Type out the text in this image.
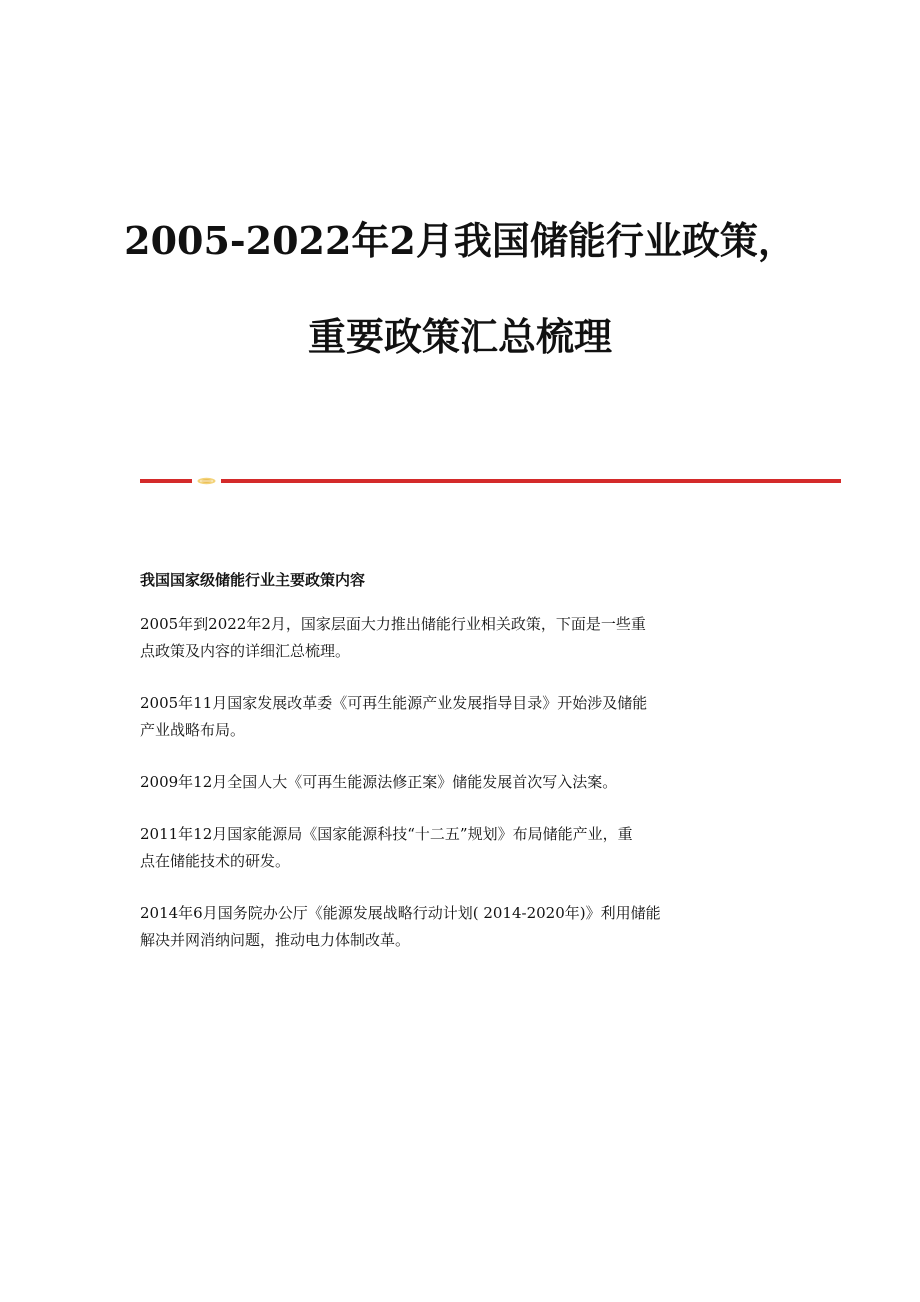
2005-2022年2月我国储能行业政策，
重要政策汇总梳理
我国国家级储能行业主要政策内容
2005年到2022年2月，国家层面大力推出储能行业相关政策，下面是一些重
点政策及内容的详细汇总梳理。
2005年11月国家发展改革委《可再生能源产业发展指导目录》开始涉及储能
产业战略布局。
2009年12月全国人大《可再生能源法修正案》储能发展首次写入法案。
2011年12月国家能源局《国家能源科技“十二五”规划》布局储能产业，重
点在储能技术的研发。
2014年6月国务院办公厅《能源发展战略行动计划( 2014-2020年)》利用储能
解决并网消纳问题，推动电力体制改革。
